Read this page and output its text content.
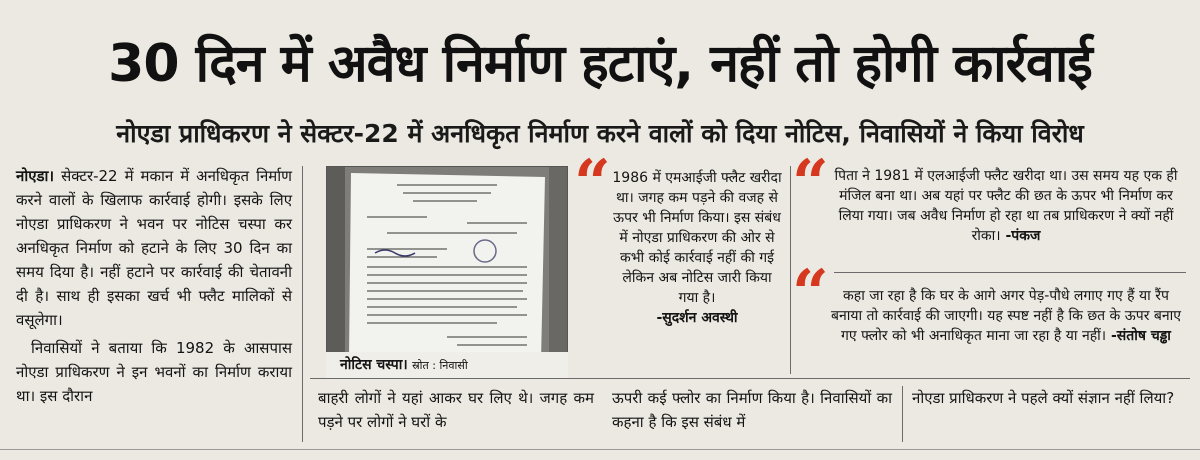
30 दिन में अवैध निर्माण हटाएं, नहीं तो होगी कार्रवाई
नोएडा प्राधिकरण ने सेक्टर-22 में अनधिकृत निर्माण करने वालों को दिया नोटिस, निवासियों ने किया विरोध

नोएडा। सेक्टर-22 में मकान में अनधिकृत निर्माण करने वालों के खिलाफ कार्रवाई होगी। इसके लिए नोएडा प्राधिकरण ने भवन पर नोटिस चस्पा कर अनधिकृत निर्माण को हटाने के लिए 30 दिन का समय दिया है। नहीं हटाने पर कार्रवाई की चेतावनी दी है। साथ ही इसका खर्च भी फ्लैट मालिकों से वसूलेगा।

निवासियों ने बताया कि 1982 के आसपास नोएडा प्राधिकरण ने इन भवनों का निर्माण कराया था। इस दौरान

नोटिस चस्पा। स्रोत : निवासी
“ 1986 में एमआईजी फ्लैट खरीदा था। जगह कम पड़ने की वजह से ऊपर भी निर्माण किया। इस संबंध में नोएडा प्राधिकरण की ओर से कभी कोई कार्रवाई नहीं की गई लेकिन अब नोटिस जारी किया गया है।

-सुदर्शन अवस्थी

“ पिता ने 1981 में एलआईजी फ्लैट खरीदा था। उस समय यह एक ही मंजिल बना था। अब यहां पर फ्लैट की छत के ऊपर भी निर्माण कर लिया गया। जब अवैध निर्माण हो रहा था तब प्राधिकरण ने क्यों नहीं रोका। -पंकज

“	कहा जा रहा है कि घर के आगे अगर पेड़-पौधे लगाए गए हैं या रैंप बनाया तो कार्रवाई की जाएगी। यह स्पष्ट नहीं है कि छत के ऊपर बनाए गए फ्लोर को भी अनाधिकृत माना जा रहा है या नहीं। -संतोष चड्ढा

बाहरी लोगों ने यहां आकर घर लिए थे। जगह कम पड़ने पर लोगों ने घरों के
ऊपरी कई फ्लोर का निर्माण किया है। निवासियों का कहना है कि इस संबंध में
नोएडा प्राधिकरण ने पहले क्यों संज्ञान नहीं लिया?
